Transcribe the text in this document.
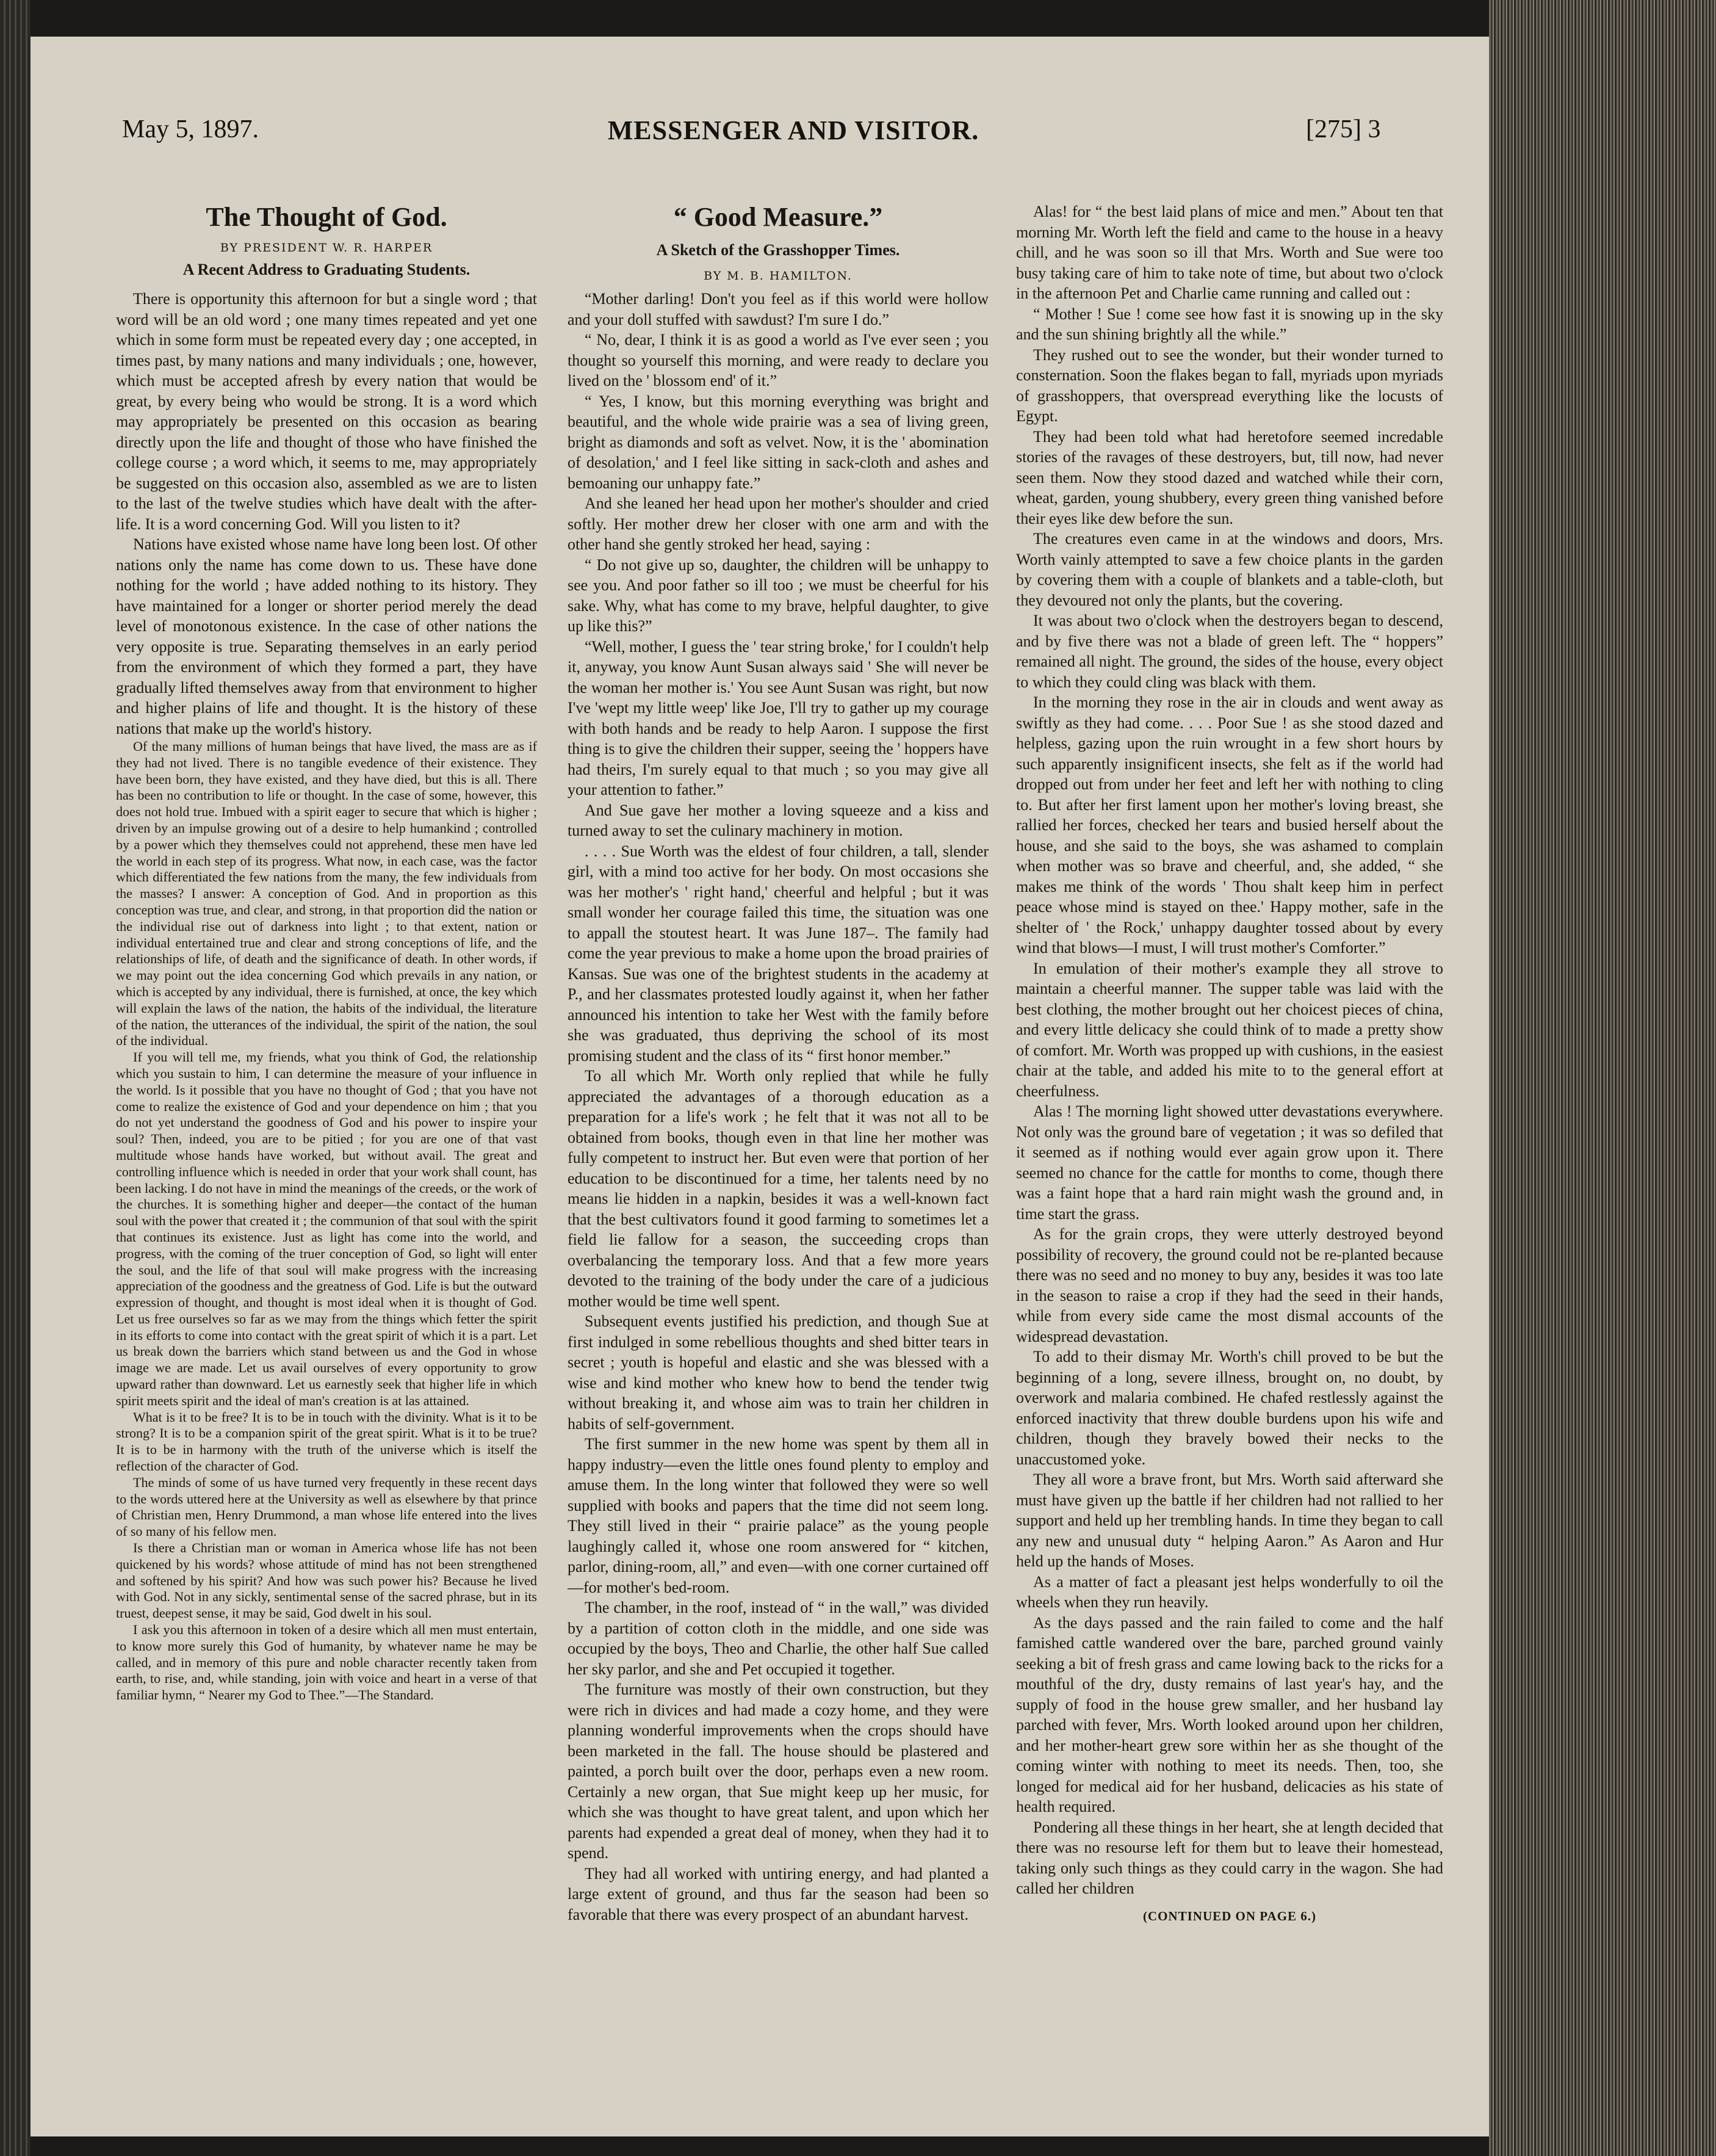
May 5, 1897.	MESSENGER AND VISITOR.	[275] 3
The Thought of God.
BY PRESIDENT W. R. HARPER
A Recent Address to Graduating Students.

There is opportunity this afternoon for but a single word ; that word will be an old word ; one many times repeated and yet one which in some form must be repeated every day ; one accepted, in times past, by many nations and many individuals ; one, however, which must be accepted afresh by every nation that would be great, by every being who would be strong. It is a word which may appropriately be presented on this occasion as bearing directly upon the life and thought of those who have finished the college course ; a word which, it seems to me, may appropriately be suggested on this occasion also, assembled as we are to listen to the last of the twelve studies which have dealt with the after-life. It is a word concerning God. Will you listen to it?

Nations have existed whose name have long been lost. Of other nations only the name has come down to us. These have done nothing for the world ; have added nothing to its history. They have maintained for a longer or shorter period merely the dead level of monotonous existence. In the case of other nations the very opposite is true. Separating themselves in an early period from the environment of which they formed a part, they have gradually lifted themselves away from that environment to higher and higher plains of life and thought. It is the history of these nations that make up the world's history.

Of the many millions of human beings that have lived, the mass are as if they had not lived. There is no tangible evedence of their existence. They have been born, they have existed, and they have died, but this is all. There has been no contribution to life or thought. In the case of some, however, this does not hold true. Imbued with a spirit eager to secure that which is higher ; driven by an impulse growing out of a desire to help humankind ; controlled by a power which they themselves could not apprehend, these men have led the world in each step of its progress. What now, in each case, was the factor which differentiated the few nations from the many, the few individuals from the masses? I answer: A conception of God. And in proportion as this conception was true, and clear, and strong, in that proportion did the nation or the individual rise out of darkness into light ; to that extent, nation or individual entertained true and clear and strong conceptions of life, and the relationships of life, of death and the significance of death. In other words, if we may point out the idea concerning God which prevails in any nation, or which is accepted by any individual, there is furnished, at once, the key which will explain the laws of the nation, the habits of the individual, the literature of the nation, the utterances of the individual, the spirit of the nation, the soul of the individual.

If you will tell me, my friends, what you think of God, the relationship which you sustain to him, I can determine the measure of your influence in the world. Is it possible that you have no thought of God ; that you have not come to realize the existence of God and your dependence on him ; that you do not yet understand the goodness of God and his power to inspire your soul? Then, indeed, you are to be pitied ; for you are one of that vast multitude whose hands have worked, but without avail. The great and controlling influence which is needed in order that your work shall count, has been lacking. I do not have in mind the meanings of the creeds, or the work of the churches. It is something higher and deeper—the contact of the human soul with the power that created it ; the communion of that soul with the spirit that continues its existence. Just as light has come into the world, and progress, with the coming of the truer conception of God, so light will enter the soul, and the life of that soul will make progress with the increasing appreciation of the goodness and the greatness of God. Life is but the outward expression of thought, and thought is most ideal when it is thought of God. Let us free ourselves so far as we may from the things which fetter the spirit in its efforts to come into contact with the great spirit of which it is a part. Let us break down the barriers which stand between us and the God in whose image we are made. Let us avail ourselves of every opportunity to grow upward rather than downward. Let us earnestly seek that higher life in which spirit meets spirit and the ideal of man's creation is at las attained.

What is it to be free? It is to be in touch with the divinity. What is it to be strong? It is to be a companion spirit of the great spirit. What is it to be true? It is to be in harmony with the truth of the universe which is itself the reflection of the character of God.

The minds of some of us have turned very frequently in these recent days to the words uttered here at the University as well as elsewhere by that prince of Christian men, Henry Drummond, a man whose life entered into the lives of so many of his fellow men.

Is there a Christian man or woman in America whose life has not been quickened by his words? whose attitude of mind has not been strengthened and softened by his spirit? And how was such power his? Because he lived with God. Not in any sickly, sentimental sense of the sacred phrase, but in its truest, deepest sense, it may be said, God dwelt in his soul.

I ask you this afternoon in token of a desire which all men must entertain, to know more surely this God of humanity, by whatever name he may be called, and in memory of this pure and noble character recently taken from earth, to rise, and, while standing, join with voice and heart in a verse of that familiar hymn, “ Nearer my God to Thee.”—The Standard.

“ Good Measure.”
A Sketch of the Grasshopper Times.
BY M. B. HAMILTON.

“Mother darling! Don't you feel as if this world were hollow and your doll stuffed with sawdust? I'm sure I do.”

“ No, dear, I think it is as good a world as I've ever seen ; you thought so yourself this morning, and were ready to declare you lived on the ' blossom end' of it.”

“ Yes, I know, but this morning everything was bright and beautiful, and the whole wide prairie was a sea of living green, bright as diamonds and soft as velvet. Now, it is the ' abomination of desolation,' and I feel like sitting in sack-cloth and ashes and bemoaning our unhappy fate.”

And she leaned her head upon her mother's shoulder and cried softly. Her mother drew her closer with one arm and with the other hand she gently stroked her head, saying :

“ Do not give up so, daughter, the children will be unhappy to see you. And poor father so ill too ; we must be cheerful for his sake. Why, what has come to my brave, helpful daughter, to give up like this?”

“Well, mother, I guess the ' tear string broke,' for I couldn't help it, anyway, you know Aunt Susan always said ' She will never be the woman her mother is.' You see Aunt Susan was right, but now I've 'wept my little weep' like Joe, I'll try to gather up my courage with both hands and be ready to help Aaron. I suppose the first thing is to give the children their supper, seeing the ' hoppers have had theirs, I'm surely equal to that much ; so you may give all your attention to father.”

And Sue gave her mother a loving squeeze and a kiss and turned away to set the culinary machinery in motion.

. . . . Sue Worth was the eldest of four children, a tall, slender girl, with a mind too active for her body. On most occasions she was her mother's ' right hand,' cheerful and helpful ; but it was small wonder her courage failed this time, the situation was one to appall the stoutest heart. It was June 187–. The family had come the year previous to make a home upon the broad prairies of Kansas. Sue was one of the brightest students in the academy at P., and her classmates protested loudly against it, when her father announced his intention to take her West with the family before she was graduated, thus depriving the school of its most promising student and the class of its “ first honor member.”

To all which Mr. Worth only replied that while he fully appreciated the advantages of a thorough education as a preparation for a life's work ; he felt that it was not all to be obtained from books, though even in that line her mother was fully competent to instruct her. But even were that portion of her education to be discontinued for a time, her talents need by no means lie hidden in a napkin, besides it was a well-known fact that the best cultivators found it good farming to sometimes let a field lie fallow for a season, the succeeding crops than overbalancing the temporary loss. And that a few more years devoted to the training of the body under the care of a judicious mother would be time well spent.

Subsequent events justified his prediction, and though Sue at first indulged in some rebellious thoughts and shed bitter tears in secret ; youth is hopeful and elastic and she was blessed with a wise and kind mother who knew how to bend the tender twig without breaking it, and whose aim was to train her children in habits of self-government.

The first summer in the new home was spent by them all in happy industry—even the little ones found plenty to employ and amuse them. In the long winter that followed they were so well supplied with books and papers that the time did not seem long. They still lived in their “ prairie palace” as the young people laughingly called it, whose one room answered for “ kitchen, parlor, dining-room, all,” and even—with one corner curtained off—for mother's bed-room.

The chamber, in the roof, instead of “ in the wall,” was divided by a partition of cotton cloth in the middle, and one side was occupied by the boys, Theo and Charlie, the other half Sue called her sky parlor, and she and Pet occupied it together.

The furniture was mostly of their own construction, but they were rich in divices and had made a cozy home, and they were planning wonderful improvements when the crops should have been marketed in the fall. The house should be plastered and painted, a porch built over the door, perhaps even a new room. Certainly a new organ, that Sue might keep up her music, for which she was thought to have great talent, and upon which her parents had expended a great deal of money, when they had it to spend.

They had all worked with untiring energy, and had planted a large extent of ground, and thus far the season had been so favorable that there was every prospect of an abundant harvest.

Alas! for “ the best laid plans of mice and men.” About ten that morning Mr. Worth left the field and came to the house in a heavy chill, and he was soon so ill that Mrs. Worth and Sue were too busy taking care of him to take note of time, but about two o'clock in the afternoon Pet and Charlie came running and called out :

“ Mother ! Sue ! come see how fast it is snowing up in the sky and the sun shining brightly all the while.”

They rushed out to see the wonder, but their wonder turned to consternation. Soon the flakes began to fall, myriads upon myriads of grasshoppers, that overspread everything like the locusts of Egypt.

They had been told what had heretofore seemed incredable stories of the ravages of these destroyers, but, till now, had never seen them. Now they stood dazed and watched while their corn, wheat, garden, young shubbery, every green thing vanished before their eyes like dew before the sun.

The creatures even came in at the windows and doors, Mrs. Worth vainly attempted to save a few choice plants in the garden by covering them with a couple of blankets and a table-cloth, but they devoured not only the plants, but the covering.

It was about two o'clock when the destroyers began to descend, and by five there was not a blade of green left. The “ hoppers” remained all night. The ground, the sides of the house, every object to which they could cling was black with them.

In the morning they rose in the air in clouds and went away as swiftly as they had come. . . . Poor Sue ! as she stood dazed and helpless, gazing upon the ruin wrought in a few short hours by such apparently insignificent insects, she felt as if the world had dropped out from under her feet and left her with nothing to cling to. But after her first lament upon her mother's loving breast, she rallied her forces, checked her tears and busied herself about the house, and she said to the boys, she was ashamed to complain when mother was so brave and cheerful, and, she added, “ she makes me think of the words ' Thou shalt keep him in perfect peace whose mind is stayed on thee.' Happy mother, safe in the shelter of ' the Rock,' unhappy daughter tossed about by every wind that blows—I must, I will trust mother's Comforter.”

In emulation of their mother's example they all strove to maintain a cheerful manner. The supper table was laid with the best clothing, the mother brought out her choicest pieces of china, and every little delicacy she could think of to made a pretty show of comfort. Mr. Worth was propped up with cushions, in the easiest chair at the table, and added his mite to to the general effort at cheerfulness.

Alas ! The morning light showed utter devastations everywhere. Not only was the ground bare of vegetation ; it was so defiled that it seemed as if nothing would ever again grow upon it. There seemed no chance for the cattle for months to come, though there was a faint hope that a hard rain might wash the ground and, in time start the grass.

As for the grain crops, they were utterly destroyed beyond possibility of recovery, the ground could not be re-planted because there was no seed and no money to buy any, besides it was too late in the season to raise a crop if they had the seed in their hands, while from every side came the most dismal accounts of the widespread devastation.

To add to their dismay Mr. Worth's chill proved to be but the beginning of a long, severe illness, brought on, no doubt, by overwork and malaria combined. He chafed restlessly against the enforced inactivity that threw double burdens upon his wife and children, though they bravely bowed their necks to the unaccustomed yoke.

They all wore a brave front, but Mrs. Worth said afterward she must have given up the battle if her children had not rallied to her support and held up her trembling hands. In time they began to call any new and unusual duty “ helping Aaron.” As Aaron and Hur held up the hands of Moses.

As a matter of fact a pleasant jest helps wonderfully to oil the wheels when they run heavily.

As the days passed and the rain failed to come and the half famished cattle wandered over the bare, parched ground vainly seeking a bit of fresh grass and came lowing back to the ricks for a mouthful of the dry, dusty remains of last year's hay, and the supply of food in the house grew smaller, and her husband lay parched with fever, Mrs. Worth looked around upon her children, and her mother-heart grew sore within her as she thought of the coming winter with nothing to meet its needs. Then, too, she longed for medical aid for her husband, delicacies as his state of health required.

Pondering all these things in her heart, she at length decided that there was no resourse left for them but to leave their homestead, taking only such things as they could carry in the wagon. She had called her children

(CONTINUED ON PAGE 6.)
